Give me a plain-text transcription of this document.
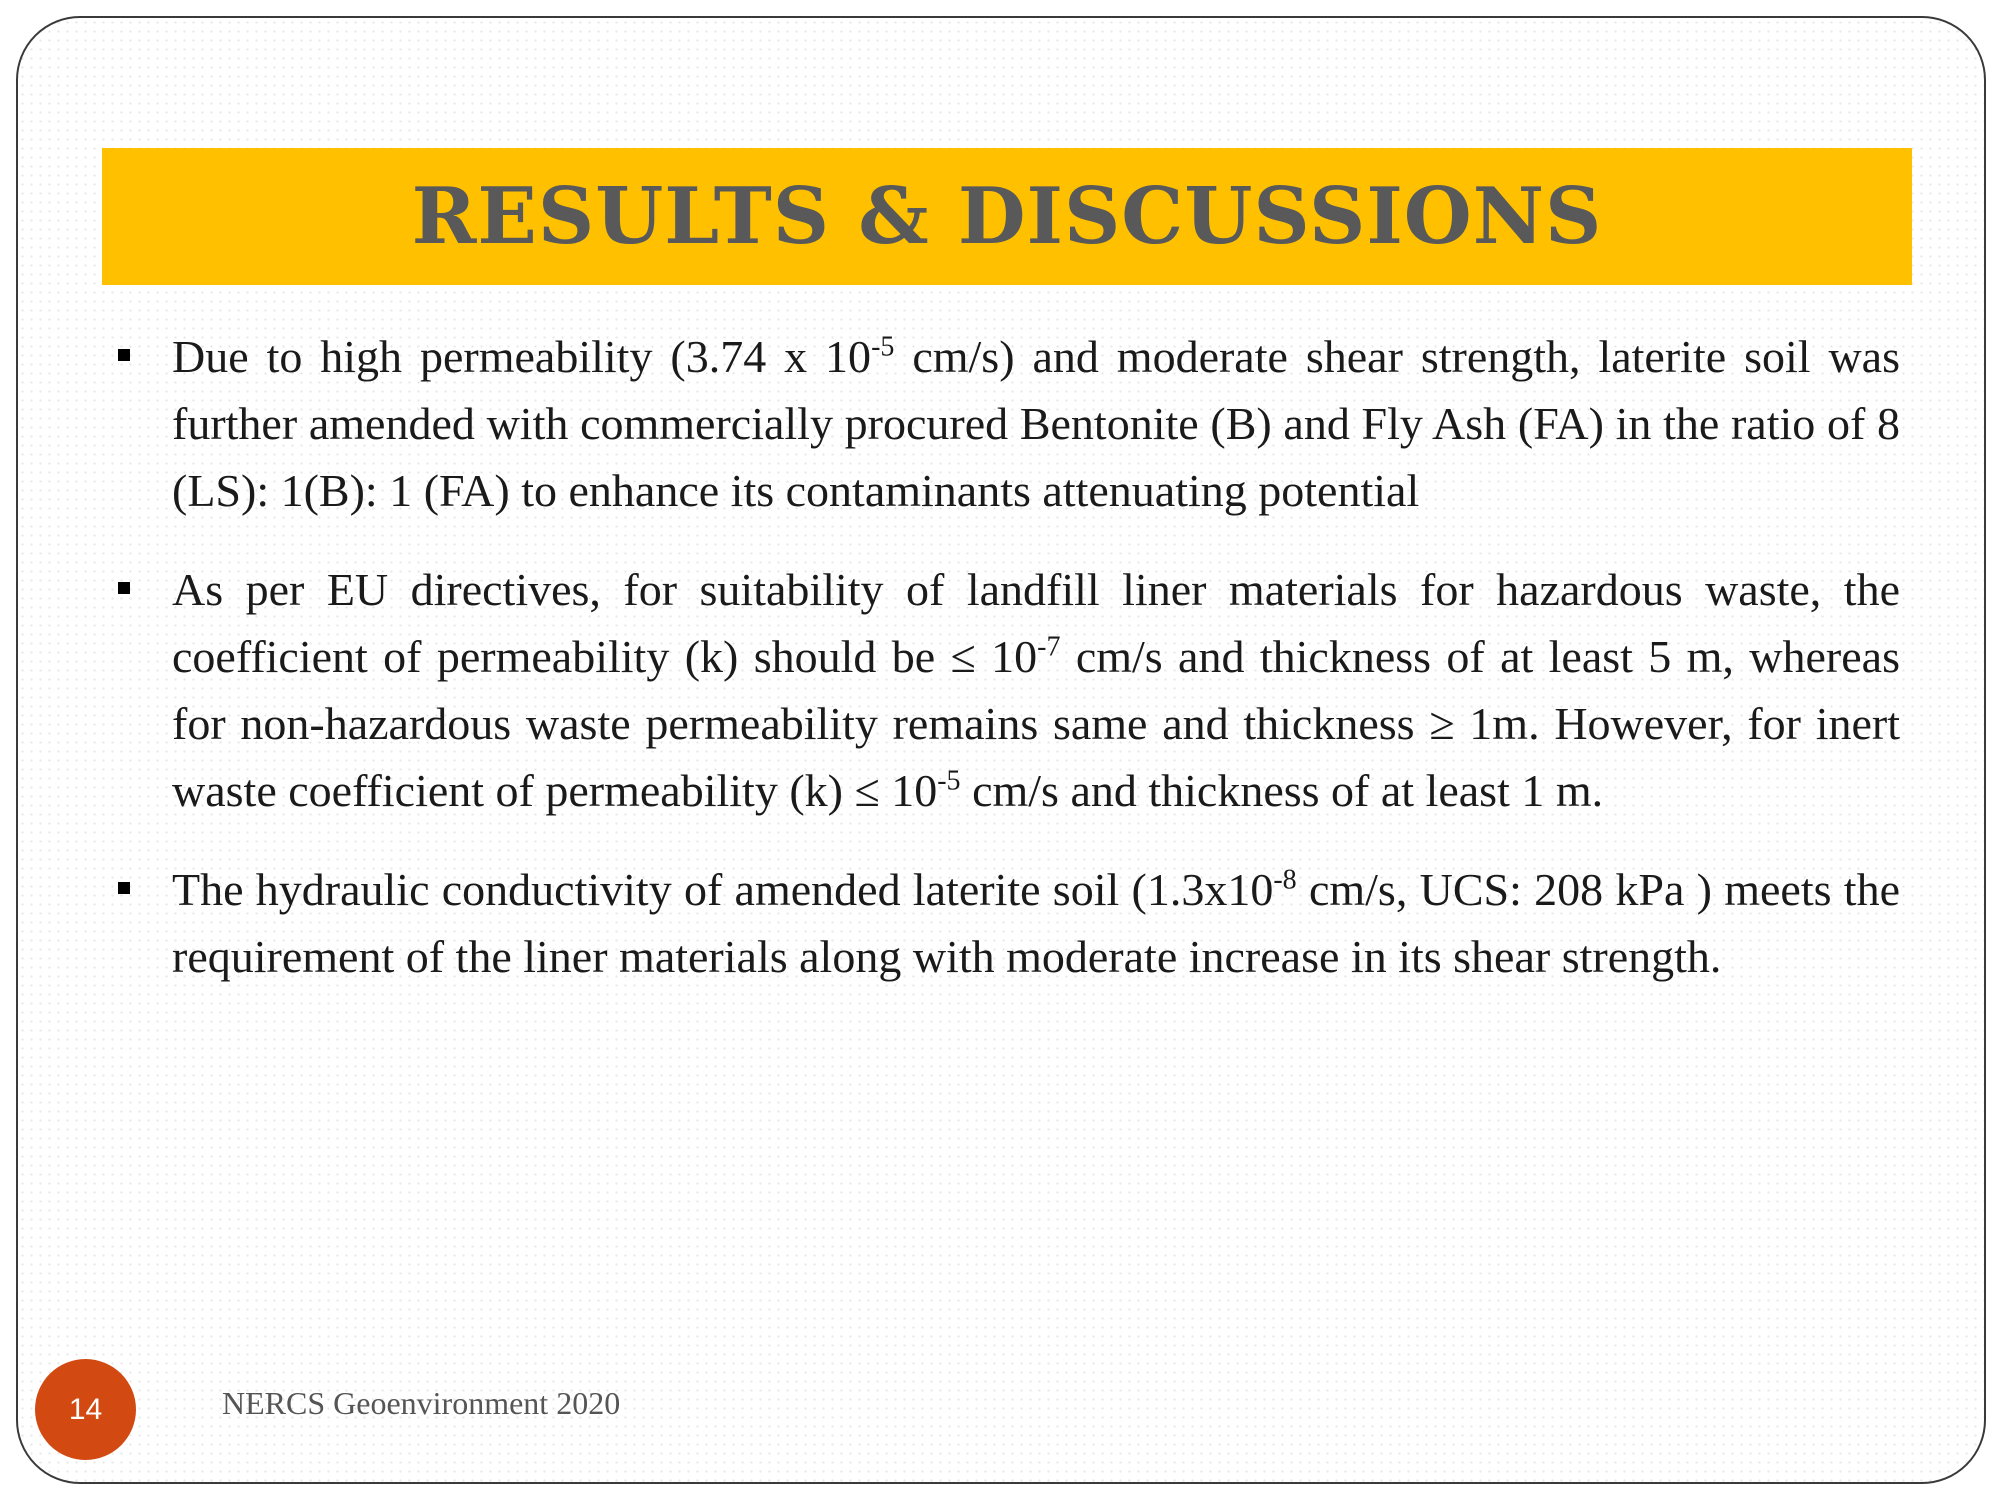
RESULTS & DISCUSSIONS
Due to high permeability (3.74 x $10^{-5}$ cm/s) and moderate shear strength, laterite soil was further amended with commercially procured Bentonite (B) and Fly Ash (FA) in the ratio of 8 (LS): 1(B): 1 (FA) to enhance its contaminants attenuating potential
As per EU directives, for suitability of landfill liner materials for hazardous waste, the coefficient of permeability (k) should be ≤ $10^{-7}$ cm/s and thickness of at least 5 m, whereas for non-hazardous waste permeability remains same and thickness ≥ 1m. However, for inert waste coefficient of permeability $(k) \le 10^{-5}$ cm/s and thickness of at least 1 m.
The hydraulic conductivity of amended laterite soil ($1.3x10^{-8}$ cm/s, UCS: 208 kPa ) meets the requirement of the liner materials along with moderate increase in its shear strength.
14	NERCS Geoenvironment 2020
